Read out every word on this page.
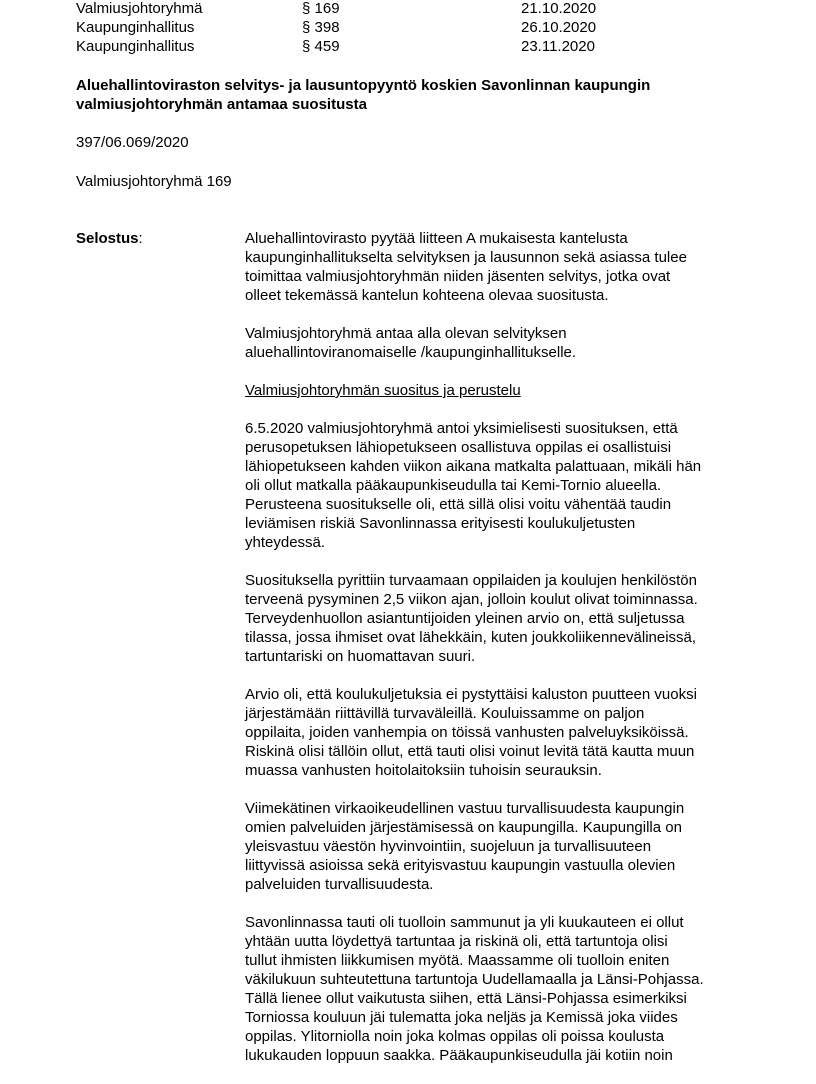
Valmiusjohtoryhmä	§ 169	21.10.2020
Kaupunginhallitus	§ 398	26.10.2020
Kaupunginhallitus	§ 459	23.11.2020
Aluehallintoviraston selvitys- ja lausuntopyyntö koskien Savonlinnan kaupungin
valmiusjohtoryhmän antamaa suositusta
397/06.069/2020
Valmiusjohtoryhmä 169
Selostus:	Aluehallintovirasto pyytää liitteen A mukaisesta kantelusta
kaupunginhallitukselta selvityksen ja lausunnon sekä asiassa tulee
toimittaa valmiusjohtoryhmän niiden jäsenten selvitys, jotka ovat
olleet tekemässä kantelun kohteena olevaa suositusta.

Valmiusjohtoryhmä antaa alla olevan selvityksen
aluehallintoviranomaiselle /kaupunginhallitukselle.

Valmiusjohtoryhmän suositus ja perustelu

6.5.2020 valmiusjohtoryhmä antoi yksimielisesti suosituksen, että
perusopetuksen lähiopetukseen osallistuva oppilas ei osallistuisi
lähiopetukseen kahden viikon aikana matkalta palattuaan, mikäli hän
oli ollut matkalla pääkaupunkiseudulla tai Kemi-Tornio alueella.
Perusteena suositukselle oli, että sillä olisi voitu vähentää taudin
leviämisen riskiä Savonlinnassa erityisesti koulukuljetusten
yhteydessä.

Suosituksella pyrittiin turvaamaan oppilaiden ja koulujen henkilöstön
terveenä pysyminen 2,5 viikon ajan, jolloin koulut olivat toiminnassa.
Terveydenhuollon asiantuntijoiden yleinen arvio on, että suljetussa
tilassa, jossa ihmiset ovat lähekkäin, kuten joukkoliikennevälineissä,
tartuntariski on huomattavan suuri.

Arvio oli, että koulukuljetuksia ei pystyttäisi kaluston puutteen vuoksi
järjestämään riittävillä turvaväleillä. Kouluissamme on paljon
oppilaita, joiden vanhempia on töissä vanhusten palveluyksiköissä.
Riskinä olisi tällöin ollut, että tauti olisi voinut levitä tätä kautta muun
muassa vanhusten hoitolaitoksiin tuhoisin seurauksin.

Viimekätinen virkaoikeudellinen vastuu turvallisuudesta kaupungin
omien palveluiden järjestämisessä on kaupungilla. Kaupungilla on
yleisvastuu väestön hyvinvointiin, suojeluun ja turvallisuuteen
liittyvissä asioissa sekä erityisvastuu kaupungin vastuulla olevien
palveluiden turvallisuudesta.

Savonlinnassa tauti oli tuolloin sammunut ja yli kuukauteen ei ollut
yhtään uutta löydettyä tartuntaa ja riskinä oli, että tartuntoja olisi
tullut ihmisten liikkumisen myötä. Maassamme oli tuolloin eniten
väkilukuun suhteutettuna tartuntoja Uudellamaalla ja Länsi-Pohjassa.
Tällä lienee ollut vaikutusta siihen, että Länsi-Pohjassa esimerkiksi
Torniossa kouluun jäi tulematta joka neljäs ja Kemissä joka viides
oppilas. Ylitorniolla noin joka kolmas oppilas oli poissa koulusta
lukukauden loppuun saakka. Pääkaupunkiseudulla jäi kotiin noin
